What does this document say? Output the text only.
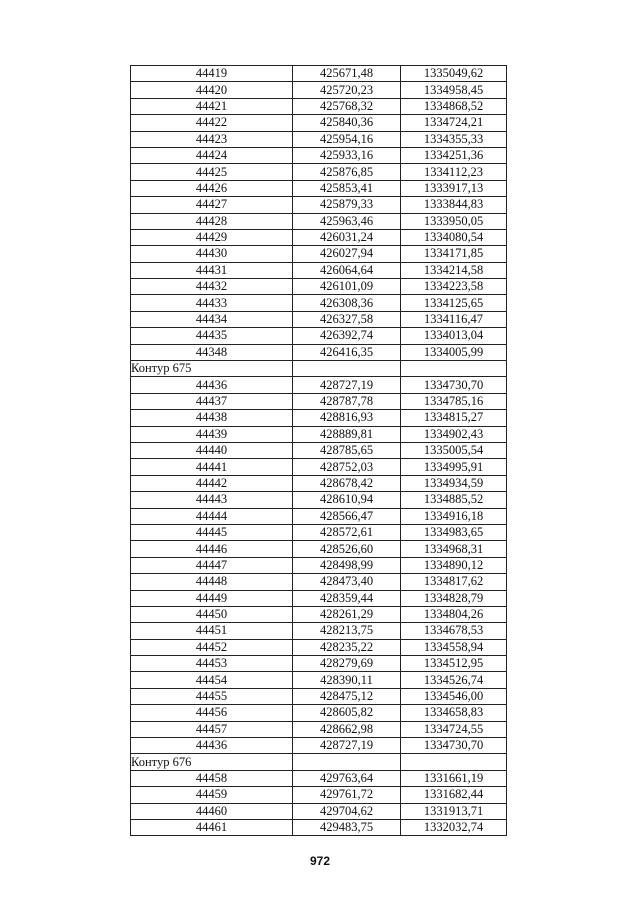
44419	425671,48	1335049,62
44420	425720,23	1334958,45
44421	425768,32	1334868,52
44422	425840,36	1334724,21
44423	425954,16	1334355,33
44424	425933,16	1334251,36
44425	425876,85	1334112,23
44426	425853,41	1333917,13
44427	425879,33	1333844,83
44428	425963,46	1333950,05
44429	426031,24	1334080,54
44430	426027,94	1334171,85
44431	426064,64	1334214,58
44432	426101,09	1334223,58
44433	426308,36	1334125,65
44434	426327,58	1334116,47
44435	426392,74	1334013,04
44348	426416,35	1334005,99
Контур 675		
44436	428727,19	1334730,70
44437	428787,78	1334785,16
44438	428816,93	1334815,27
44439	428889,81	1334902,43
44440	428785,65	1335005,54
44441	428752,03	1334995,91
44442	428678,42	1334934,59
44443	428610,94	1334885,52
44444	428566,47	1334916,18
44445	428572,61	1334983,65
44446	428526,60	1334968,31
44447	428498,99	1334890,12
44448	428473,40	1334817,62
44449	428359,44	1334828,79
44450	428261,29	1334804,26
44451	428213,75	1334678,53
44452	428235,22	1334558,94
44453	428279,69	1334512,95
44454	428390,11	1334526,74
44455	428475,12	1334546,00
44456	428605,82	1334658,83
44457	428662,98	1334724,55
44436	428727,19	1334730,70
Контур 676		
44458	429763,64	1331661,19
44459	429761,72	1331682,44
44460	429704,62	1331913,71
44461	429483,75	1332032,74
972
